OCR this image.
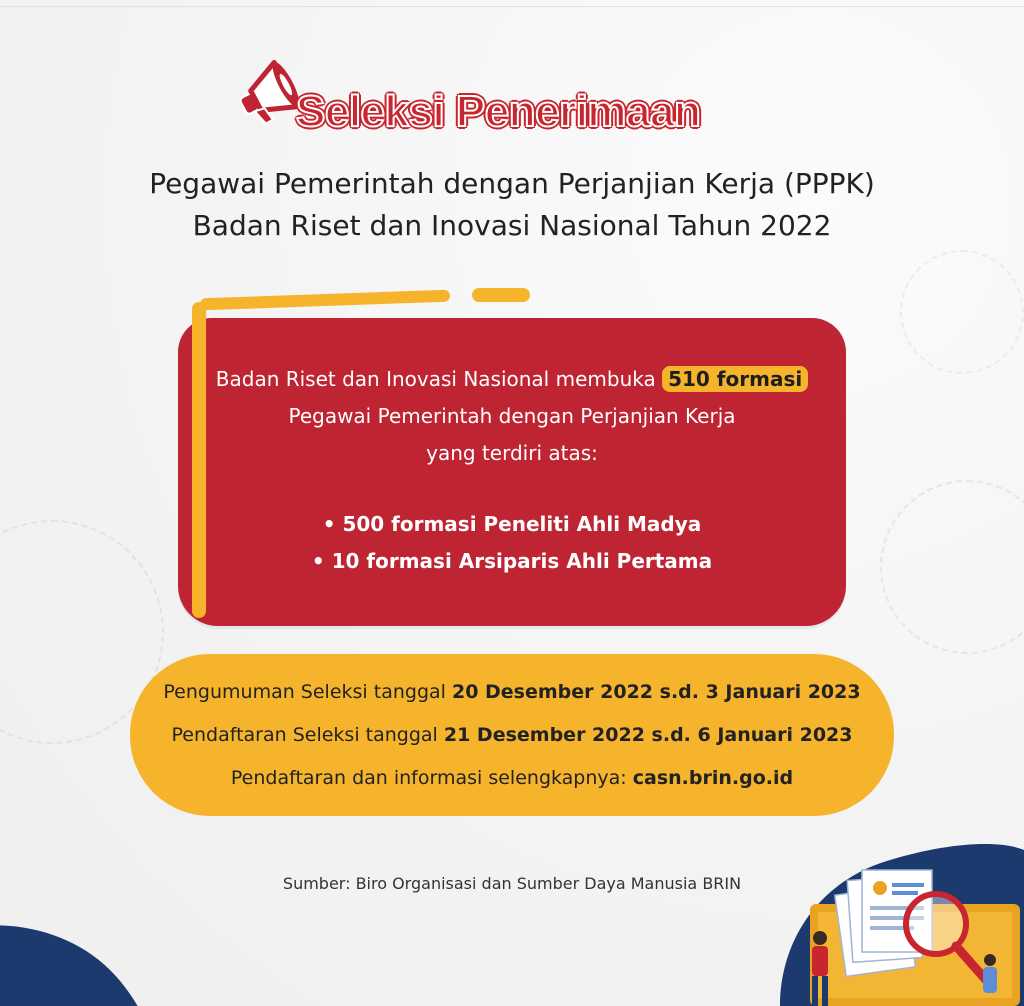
Seleksi Penerimaan
Pegawai Pemerintah dengan Perjanjian Kerja (PPPK)
Badan Riset dan Inovasi Nasional Tahun 2022
Badan Riset dan Inovasi Nasional membuka 510 formasi
Pegawai Pemerintah dengan Perjanjian Kerja
yang terdiri atas:
• 500 formasi Peneliti Ahli Madya
• 10 formasi Arsiparis Ahli Pertama
Pengumuman Seleksi tanggal 20 Desember 2022 s.d. 3 Januari 2023
Pendaftaran Seleksi tanggal 21 Desember 2022 s.d. 6 Januari 2023
Pendaftaran dan informasi selengkapnya: casn.brin.go.id
Sumber: Biro Organisasi dan Sumber Daya Manusia BRIN
